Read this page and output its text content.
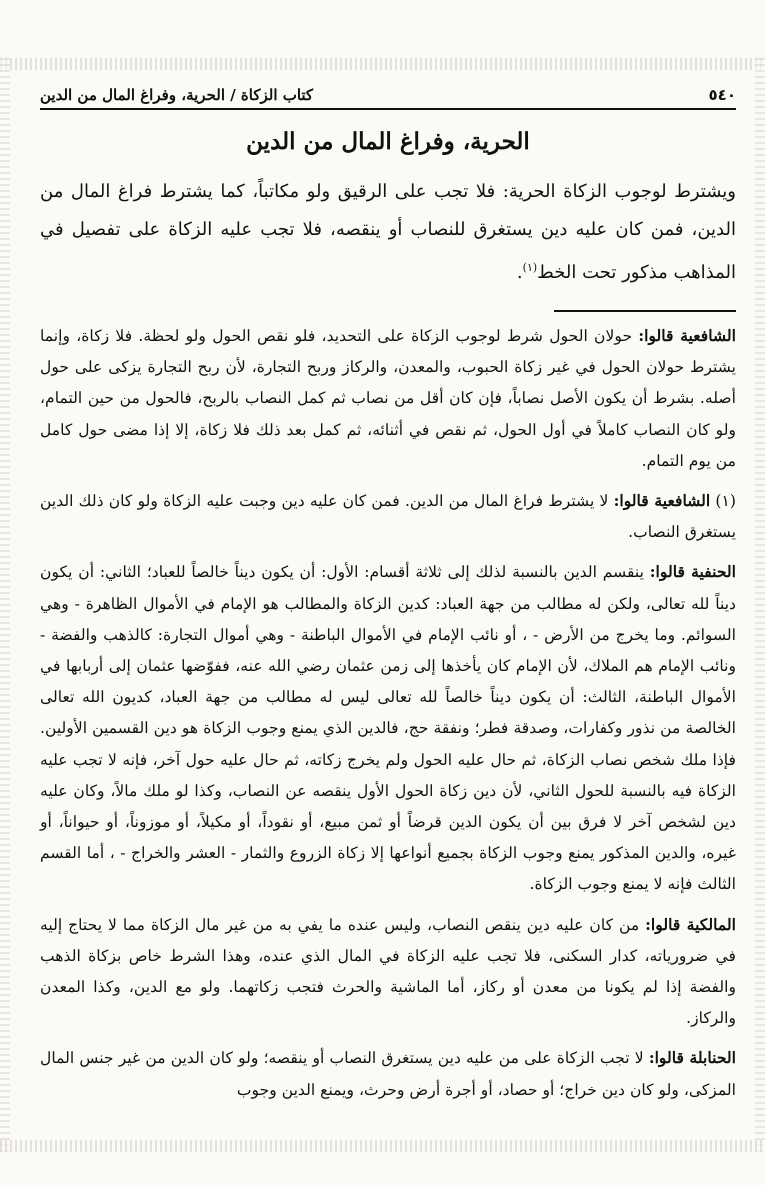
٥٤٠
كتاب الزكاة / الحرية، وفراغ المال من الدين
الحرية، وفراغ المال من الدين

ويشترط لوجوب الزكاة الحرية: فلا تجب على الرقيق ولو مكاتباً، كما يشترط فراغ المال من الدين، فمن كان عليه دين يستغرق للنصاب أو ينقصه، فلا تجب عليه الزكاة على تفصيل في المذاهب مذكور تحت الخط$^{(١)}$.

الشافعية قالوا: حولان الحول شرط لوجوب الزكاة على التحديد، فلو نقص الحول ولو لحظة. فلا زكاة، وإنما يشترط حولان الحول في غير زكاة الحبوب، والمعدن، والركاز وربح التجارة، لأن ربح التجارة يزكى على حول أصله. بشرط أن يكون الأصل نصاباً، فإن كان أقل من نصاب ثم كمل النصاب بالربح، فالحول من حين التمام، ولو كان النصاب كاملاً في أول الحول، ثم نقص في أثنائه، ثم كمل بعد ذلك فلا زكاة، إلا إذا مضى حول كامل من يوم التمام.

(١) الشافعية قالوا: لا يشترط فراغ المال من الدين. فمن كان عليه دين وجبت عليه الزكاة ولو كان ذلك الدين يستغرق النصاب.

الحنفية قالوا: ينقسم الدين بالنسبة لذلك إلى ثلاثة أقسام: الأول: أن يكون ديناً خالصاً للعباد؛ الثاني: أن يكون ديناً لله تعالى، ولكن له مطالب من جهة العباد: كدين الزكاة والمطالب هو الإمام في الأموال الظاهرة - وهي السوائم. وما يخرج من الأرض - ، أو نائب الإمام في الأموال الباطنة - وهي أموال التجارة: كالذهب والفضة - ونائب الإمام هم الملاك، لأن الإمام كان يأخذها إلى زمن عثمان رضي الله عنه، ففوّضها عثمان إلى أربابها في الأموال الباطنة، الثالث: أن يكون ديناً خالصاً لله تعالى ليس له مطالب من جهة العباد، كديون الله تعالى الخالصة من نذور وكفارات، وصدقة فطر؛ ونفقة حج، فالدين الذي يمنع وجوب الزكاة هو دين القسمين الأولين. فإذا ملك شخص نصاب الزكاة، ثم حال عليه الحول ولم يخرج زكاته، ثم حال عليه حول آخر، فإنه لا تجب عليه الزكاة فيه بالنسبة للحول الثاني، لأن دين زكاة الحول الأول ينقصه عن النصاب، وكذا لو ملك مالاً، وكان عليه دين لشخص آخر لا فرق بين أن يكون الدين قرضاً أو ثمن مبيع، أو نقوداً، أو مكيلاً، أو موزوناً، أو حيواناً، أو غيره، والدين المذكور يمنع وجوب الزكاة بجميع أنواعها إلا زكاة الزروع والثمار - العشر والخراج - ، أما القسم الثالث فإنه لا يمنع وجوب الزكاة.

المالكية قالوا: من كان عليه دين ينقص النصاب، وليس عنده ما يفي به من غير مال الزكاة مما لا يحتاج إليه في ضرورياته، كدار السكنى، فلا تجب عليه الزكاة في المال الذي عنده، وهذا الشرط خاص بزكاة الذهب والفضة إذا لم يكونا من معدن أو ركاز، أما الماشية والحرث فتجب زكاتهما. ولو مع الدين، وكذا المعدن والركاز.

الحنابلة قالوا: لا تجب الزكاة على من عليه دين يستغرق النصاب أو ينقصه؛ ولو كان الدين من غير جنس المال المزكى، ولو كان دين خراج؛ أو حصاد، أو أجرة أرض وحرث، ويمنع الدين وجوب
